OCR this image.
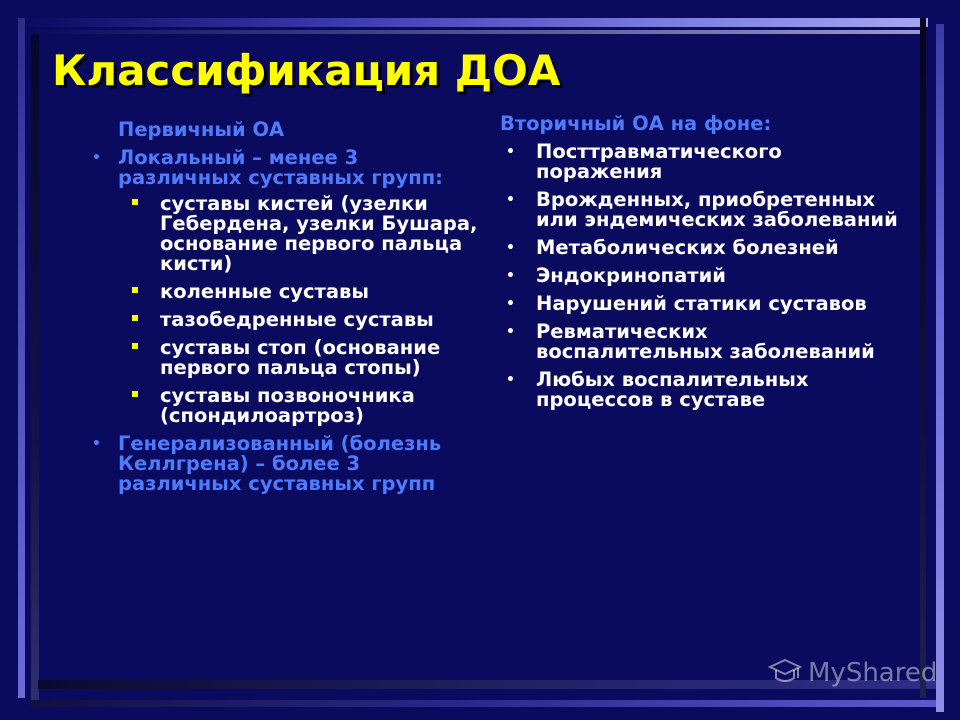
Классификация ДОА
Первичный ОА
• Локальный – менее 3 различных суставных групп:
суставы кистей (узелки Гебердена, узелки Бушара, основание первого пальца кисти)
коленные суставы
тазобедренные суставы
суставы стоп (основание первого пальца стопы)
суставы позвоночника (спондилоартроз)
• Генерализованный (болезнь Келлгрена) – более 3 различных суставных групп
Вторичный ОА на фоне:
• Посттравматического поражения
• Врожденных, приобретенных или эндемических заболеваний
• Метаболических болезней
• Эндокринопатий
• Нарушений статики суставов
• Ревматических воспалительных заболеваний
• Любых воспалительных процессов в суставе
MyShared
